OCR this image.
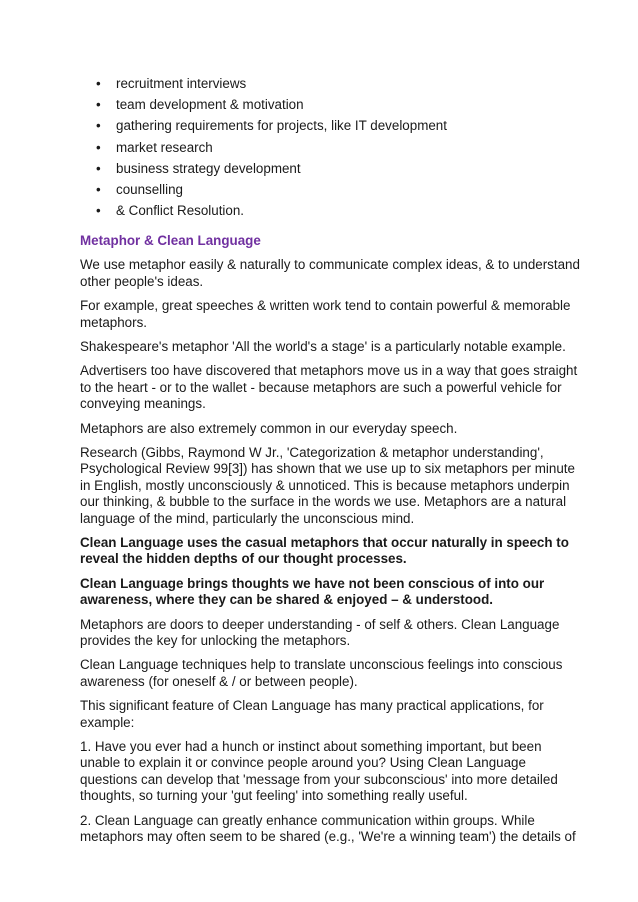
• recruitment interviews
• team development & motivation
• gathering requirements for projects, like IT development
• market research
• business strategy development
• counselling
• & Conflict Resolution.
Metaphor & Clean Language

We use metaphor easily & naturally to communicate complex ideas, & to understand other people's ideas.

For example, great speeches & written work tend to contain powerful & memorable metaphors.

Shakespeare's metaphor 'All the world's a stage' is a particularly notable example.

Advertisers too have discovered that metaphors move us in a way that goes straight to the heart - or to the wallet - because metaphors are such a powerful vehicle for conveying meanings.

Metaphors are also extremely common in our everyday speech.

Research (Gibbs, Raymond W Jr., 'Categorization & metaphor understanding', Psychological Review 99[3]) has shown that we use up to six metaphors per minute in English, mostly unconsciously & unnoticed. This is because metaphors underpin our thinking, & bubble to the surface in the words we use. Metaphors are a natural language of the mind, particularly the unconscious mind.

Clean Language uses the casual metaphors that occur naturally in speech to reveal the hidden depths of our thought processes.

Clean Language brings thoughts we have not been conscious of into our awareness, where they can be shared & enjoyed – & understood.

Metaphors are doors to deeper understanding - of self & others. Clean Language provides the key for unlocking the metaphors.

Clean Language techniques help to translate unconscious feelings into conscious awareness (for oneself & / or between people).

This significant feature of Clean Language has many practical applications, for example:

1. Have you ever had a hunch or instinct about something important, but been unable to explain it or convince people around you? Using Clean Language questions can develop that 'message from your subconscious' into more detailed thoughts, so turning your 'gut feeling' into something really useful.

2. Clean Language can greatly enhance communication within groups. While metaphors may often seem to be shared (e.g., 'We're a winning team') the details of
